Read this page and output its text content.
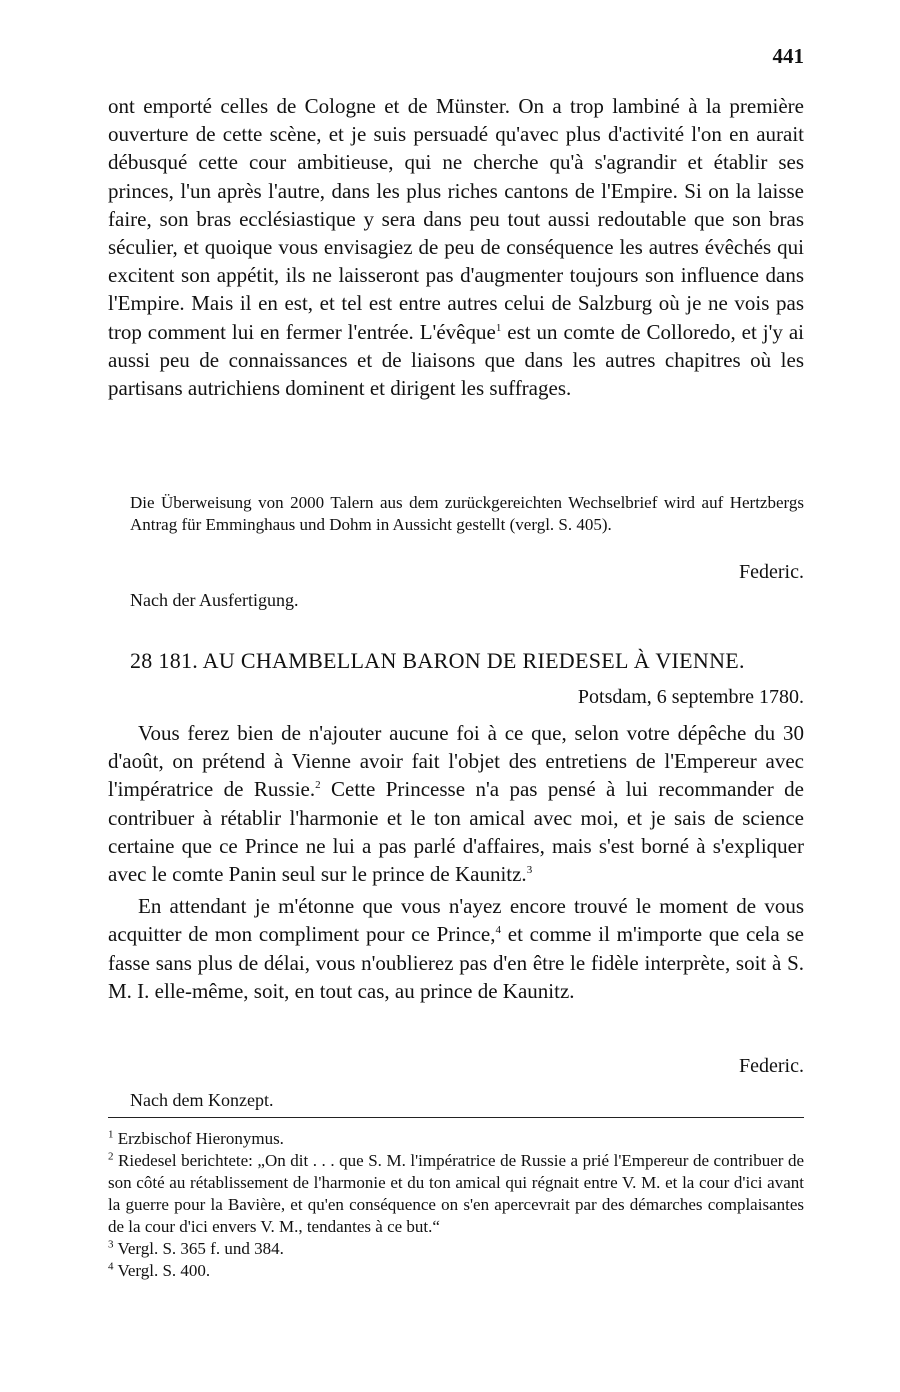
441

ont emporté celles de Cologne et de Münster. On a trop lambiné à la première ouverture de cette scène, et je suis persuadé qu'avec plus d'activité l'on en aurait débusqué cette cour ambitieuse, qui ne cherche qu'à s'agrandir et établir ses princes, l'un après l'autre, dans les plus riches cantons de l'Empire. Si on la laisse faire, son bras ecclésiastique y sera dans peu tout aussi redoutable que son bras séculier, et quoique vous envisagiez de peu de conséquence les autres évêchés qui excitent son appétit, ils ne laisseront pas d'augmenter toujours son influence dans l'Empire. Mais il en est, et tel est entre autres celui de Salzburg où je ne vois pas trop comment lui en fermer l'entrée. L'évêque$^1$ est un comte de Colloredo, et j'y ai aussi peu de connaissances et de liaisons que dans les autres chapitres où les partisans autrichiens dominent et dirigent les suffrages.

Die Überweisung von 2000 Talern aus dem zurückgereichten Wechselbrief wird auf Hertzbergs Antrag für Emminghaus und Dohm in Aussicht gestellt (vergl. S. 405).
Federic.
Nach der Ausfertigung.
28 181. AU CHAMBELLAN BARON DE RIEDESEL À VIENNE.
Potsdam, 6 septembre 1780.

Vous ferez bien de n'ajouter aucune foi à ce que, selon votre dépêche du 30 d'août, on prétend à Vienne avoir fait l'objet des entretiens de l'Empereur avec l'impératrice de Russie.$^2$ Cette Princesse n'a pas pensé à lui recommander de contribuer à rétablir l'harmonie et le ton amical avec moi, et je sais de science certaine que ce Prince ne lui a pas parlé d'affaires, mais s'est borné à s'expliquer avec le comte Panin seul sur le prince de Kaunitz.$^3$

En attendant je m'étonne que vous n'ayez encore trouvé le moment de vous acquitter de mon compliment pour ce Prince,$^4$ et comme il m'importe que cela se fasse sans plus de délai, vous n'oublierez pas d'en être le fidèle interprète, soit à S. M. I. elle-même, soit, en tout cas, au prince de Kaunitz.

Federic.
Nach dem Konzept.

$^1$ Erzbischof Hieronymus.

$^2$ Riedesel berichtete: „On dit . . . que S. M. l'impératrice de Russie a prié l'Empereur de contribuer de son côté au rétablissement de l'harmonie et du ton amical qui régnait entre V. M. et la cour d'ici avant la guerre pour la Bavière, et qu'en conséquence on s'en apercevrait par des démarches complaisantes de la cour d'ici envers V. M., tendantes à ce but.“

$^3$ Vergl. S. 365 f. und 384.

$^4$ Vergl. S. 400.
